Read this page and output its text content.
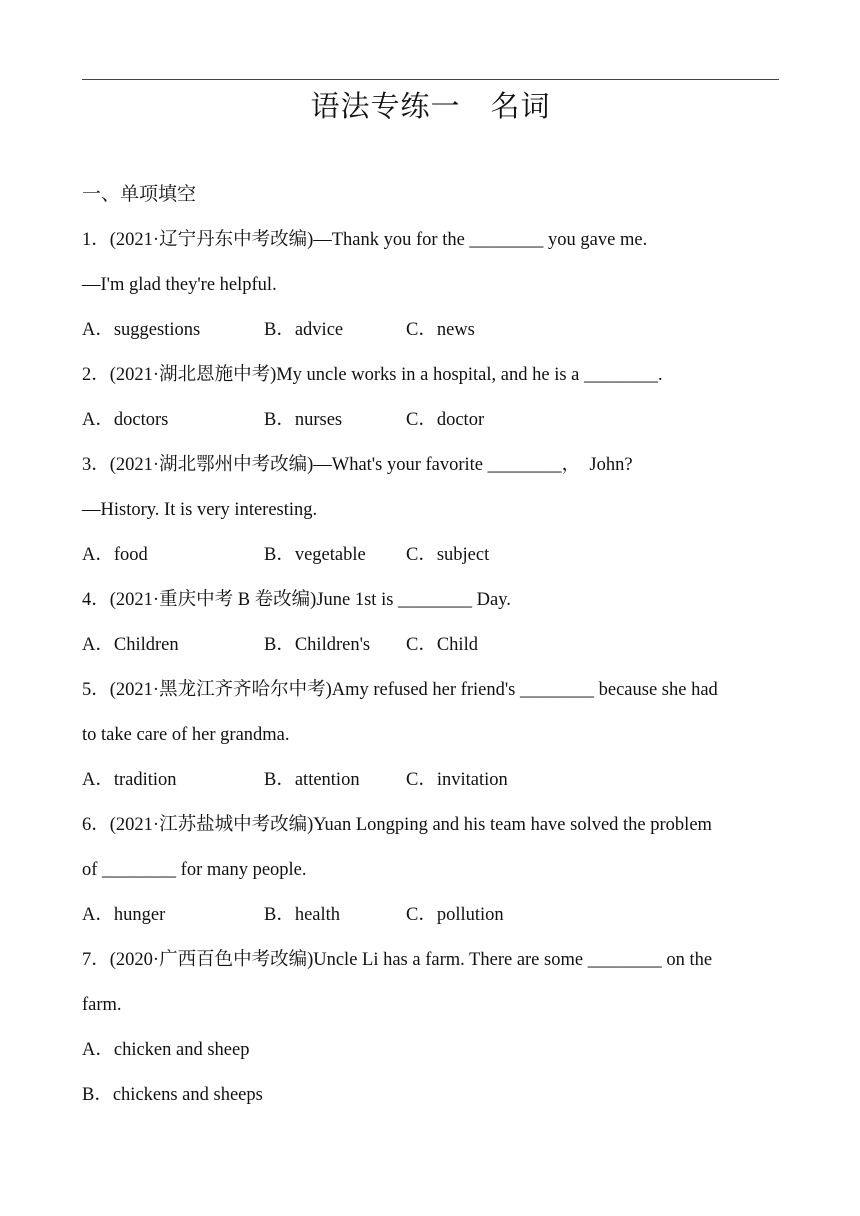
语法专练一　名词
一、单项填空
1．(2021·辽宁丹东中考改编)—Thank you for the ________ you gave me.
—I'm glad they're helpful.

A．suggestions

	B．advice

	C．news

2．(2021·湖北恩施中考)My uncle works in a hospital, and he is a ________.

A．doctors

	B．nurses

	C．doctor

3．(2021·湖北鄂州中考改编)—What's your favorite ________，  John?
—History. It is very interesting.

A．food

	B．vegetable

C．subject

4．(2021·重庆中考 B 卷改编)June 1st is ________ Day.

A．Children

	B．Children's

C．Child

5．(2021·黑龙江齐齐哈尔中考)Amy refused her friend's ________ because she had
to take care of her grandma.

A．tradition

	B．attention

	C．invitation

6．(2021·江苏盐城中考改编)Yuan Longping and his team have solved the problem
of ________ for many people.

A．hunger

	B．health

	C．pollution

7．(2020·广西百色中考改编)Uncle Li has a farm. There are some ________ on the
farm.
A．chicken and sheep
B．chickens and sheeps
